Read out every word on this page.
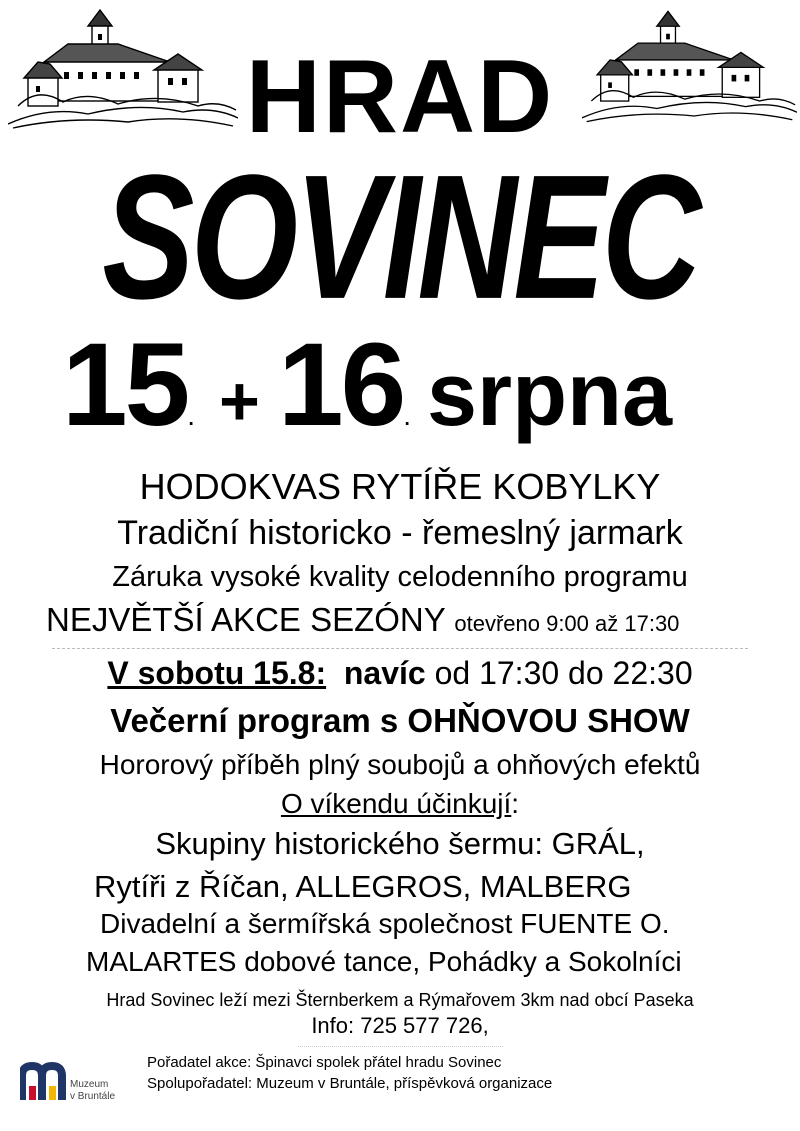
HRAD
SOVINEC
15. + 16. srpna
HODOKVAS RYTÍŘE KOBYLKY
Tradiční historicko - řemeslný jarmark
Záruka vysoké kvality celodenního programu
NEJVĚTŠÍ AKCE SEZÓNY otevřeno 9:00 až 17:30
V sobotu 15.8: navíc od 17:30 do 22:30
Večerní program s OHŇOVOU SHOW
Hororový příběh plný soubojů a ohňových efektů
O víkendu účinkují:
Skupiny historického šermu: GRÁL,
Rytíři z Říčan, ALLEGROS, MALBERG
Divadelní a šermířská společnost FUENTE O.
MALARTES dobové tance, Pohádky a Sokolníci
Hrad Sovinec leží mezi Šternberkem a Rýmařovem 3km nad obcí Paseka
Info: 725 577 726,
Muzeum
v Bruntále
Pořadatel akce: Špinavci spolek přátel hradu Sovinec
Spolupořadatel: Muzeum v Bruntále, příspěvková organizace
